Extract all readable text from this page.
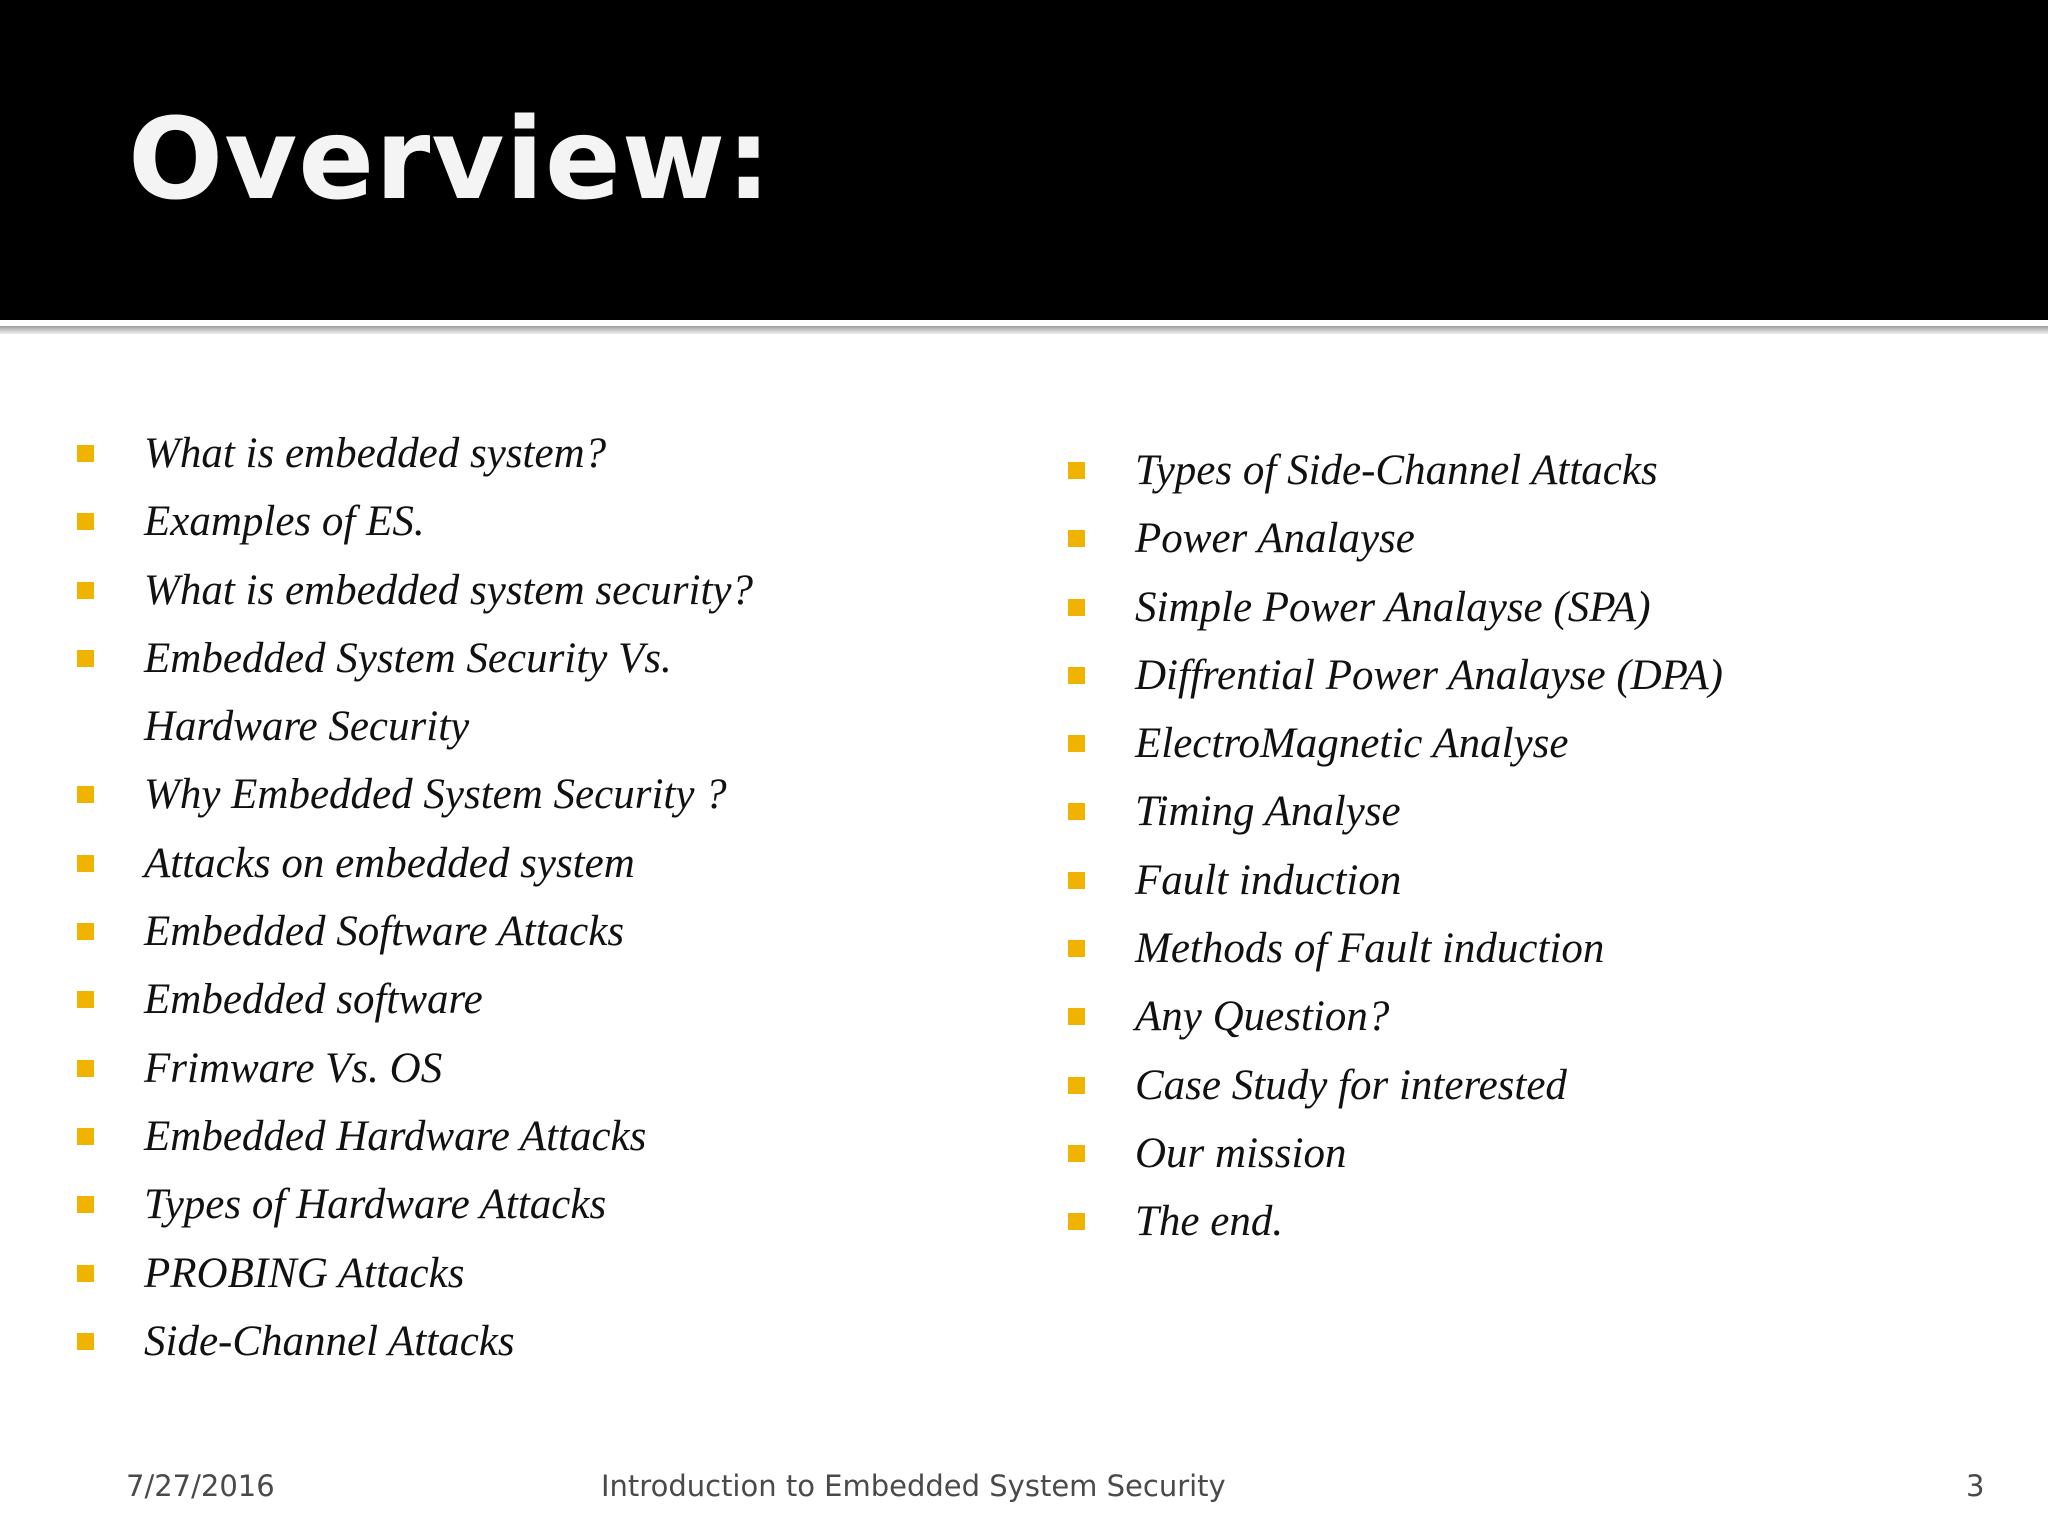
Overview:
What is embedded system?
Examples of ES.
What is embedded system security?
Embedded System Security Vs.
Hardware Security
Why Embedded System Security ?
Attacks on embedded system
Embedded Software Attacks
Embedded software
Frimware Vs. OS
Embedded Hardware Attacks
Types of Hardware Attacks
PROBING Attacks
Side-Channel Attacks
Types of Side-Channel Attacks
Power Analayse
Simple Power Analayse (SPA)
Diffrential Power Analayse (DPA)
ElectroMagnetic Analyse
Timing Analyse
Fault induction
Methods of Fault induction
Any Question?
Case Study for interested
Our mission
The end.
7/27/2016	Introduction to Embedded System Security	3
